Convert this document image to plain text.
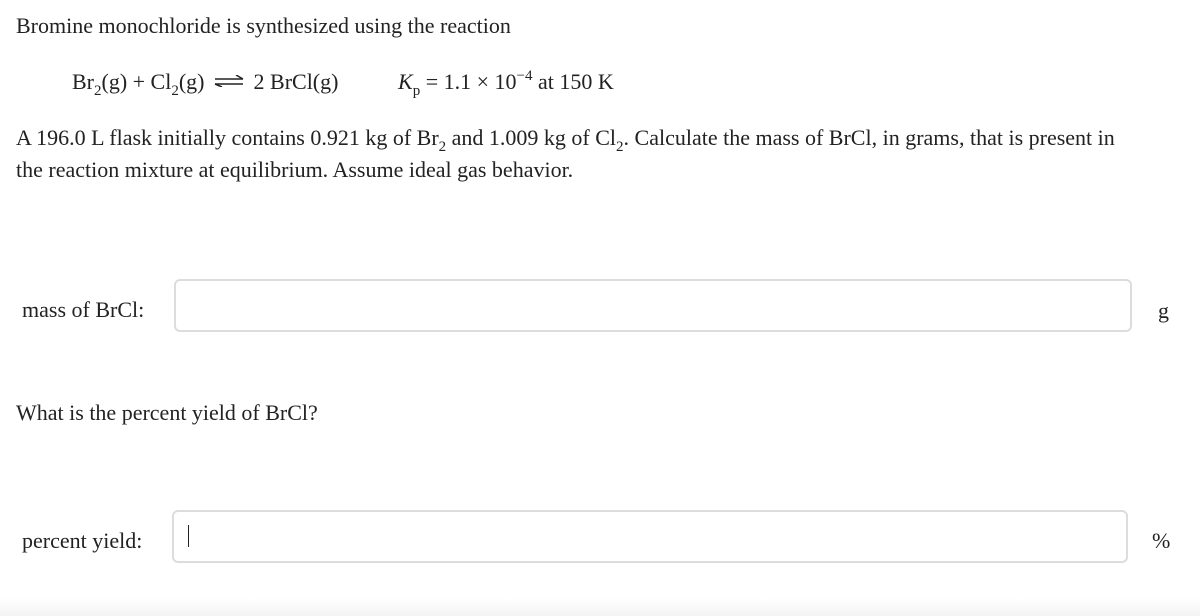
Bromine monochloride is synthesized using the reaction
$Br_2(g) + Cl_2(g)$ ⇌ 2 BrCl(g)	$K_p = 1.1 \times 10^{-4}$ at 150 K
A 196.0 L flask initially contains 0.921 kg of $Br_2$ and 1.009 kg of $Cl_2$. Calculate the mass of BrCl, in grams, that is present in
the reaction mixture at equilibrium. Assume ideal gas behavior.
mass of BrCl:	g
What is the percent yield of BrCl?
percent yield:	%
